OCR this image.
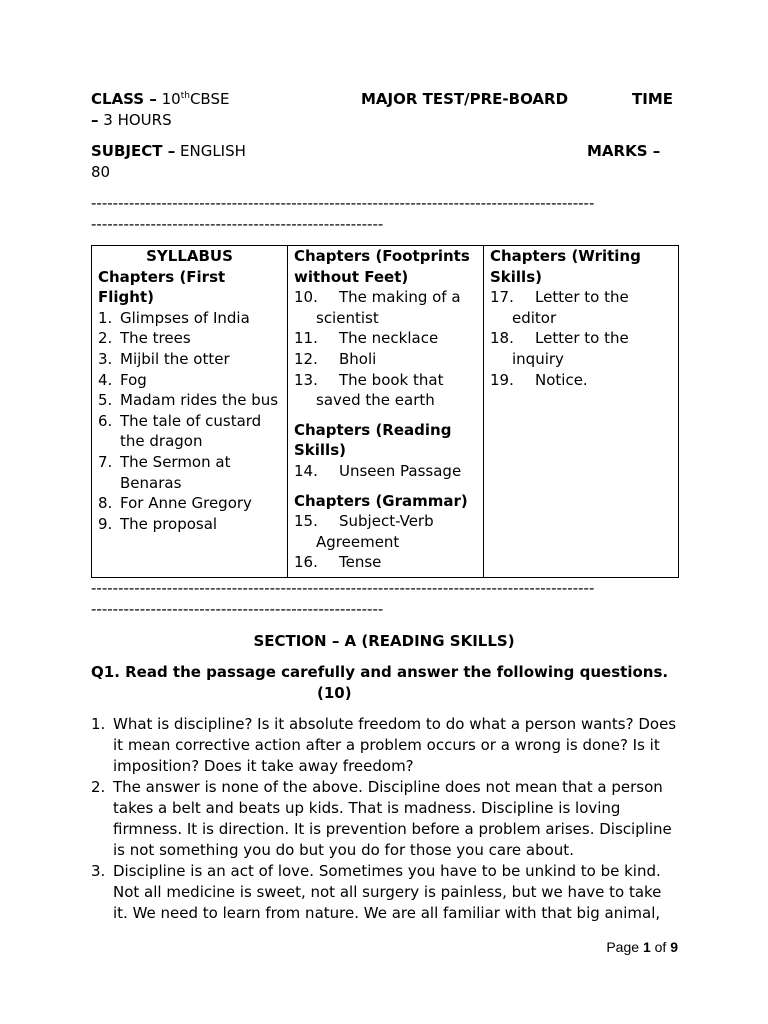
CLASS – 10thCBSE	MAJOR TEST/PRE-BOARD	TIME
– 3 HOURS
SUBJECT – ENGLISH	MARKS –
80
---------------------------------------------------------------------------------------------
------------------------------------------------------
SYLLABUS
Chapters (First Flight)
1. Glimpses of India
2. The trees
3. Mijbil the otter
4. Fog
5. Madam rides the bus
6. The tale of custard the dragon
7. The Sermon at Benaras
8. For Anne Gregory
9. The proposal

Chapters (Footprints without Feet)
10. The making of a scientist
11. The necklace
12. Bholi
13. The book that saved the earth
Chapters (Reading Skills)
14. Unseen Passage
Chapters (Grammar)
15. Subject-Verb Agreement
16. Tense

Chapters (Writing Skills)
17. Letter to the editor
18. Letter to the inquiry
19. Notice.
---------------------------------------------------------------------------------------------
------------------------------------------------------
SECTION – A (READING SKILLS)
Q1. Read the passage carefully and answer the following questions.
(10)
1. What is discipline? Is it absolute freedom to do what a person wants? Does it mean corrective action after a problem occurs or a wrong is done? Is it imposition? Does it take away freedom?
2. The answer is none of the above. Discipline does not mean that a person takes a belt and beats up kids. That is madness. Discipline is loving firmness. It is direction. It is prevention before a problem arises. Discipline is not something you do but you do for those you care about.
3. Discipline is an act of love. Sometimes you have to be unkind to be kind. Not all medicine is sweet, not all surgery is painless, but we have to take it. We need to learn from nature. We are all familiar with that big animal,
Page 1 of 9
